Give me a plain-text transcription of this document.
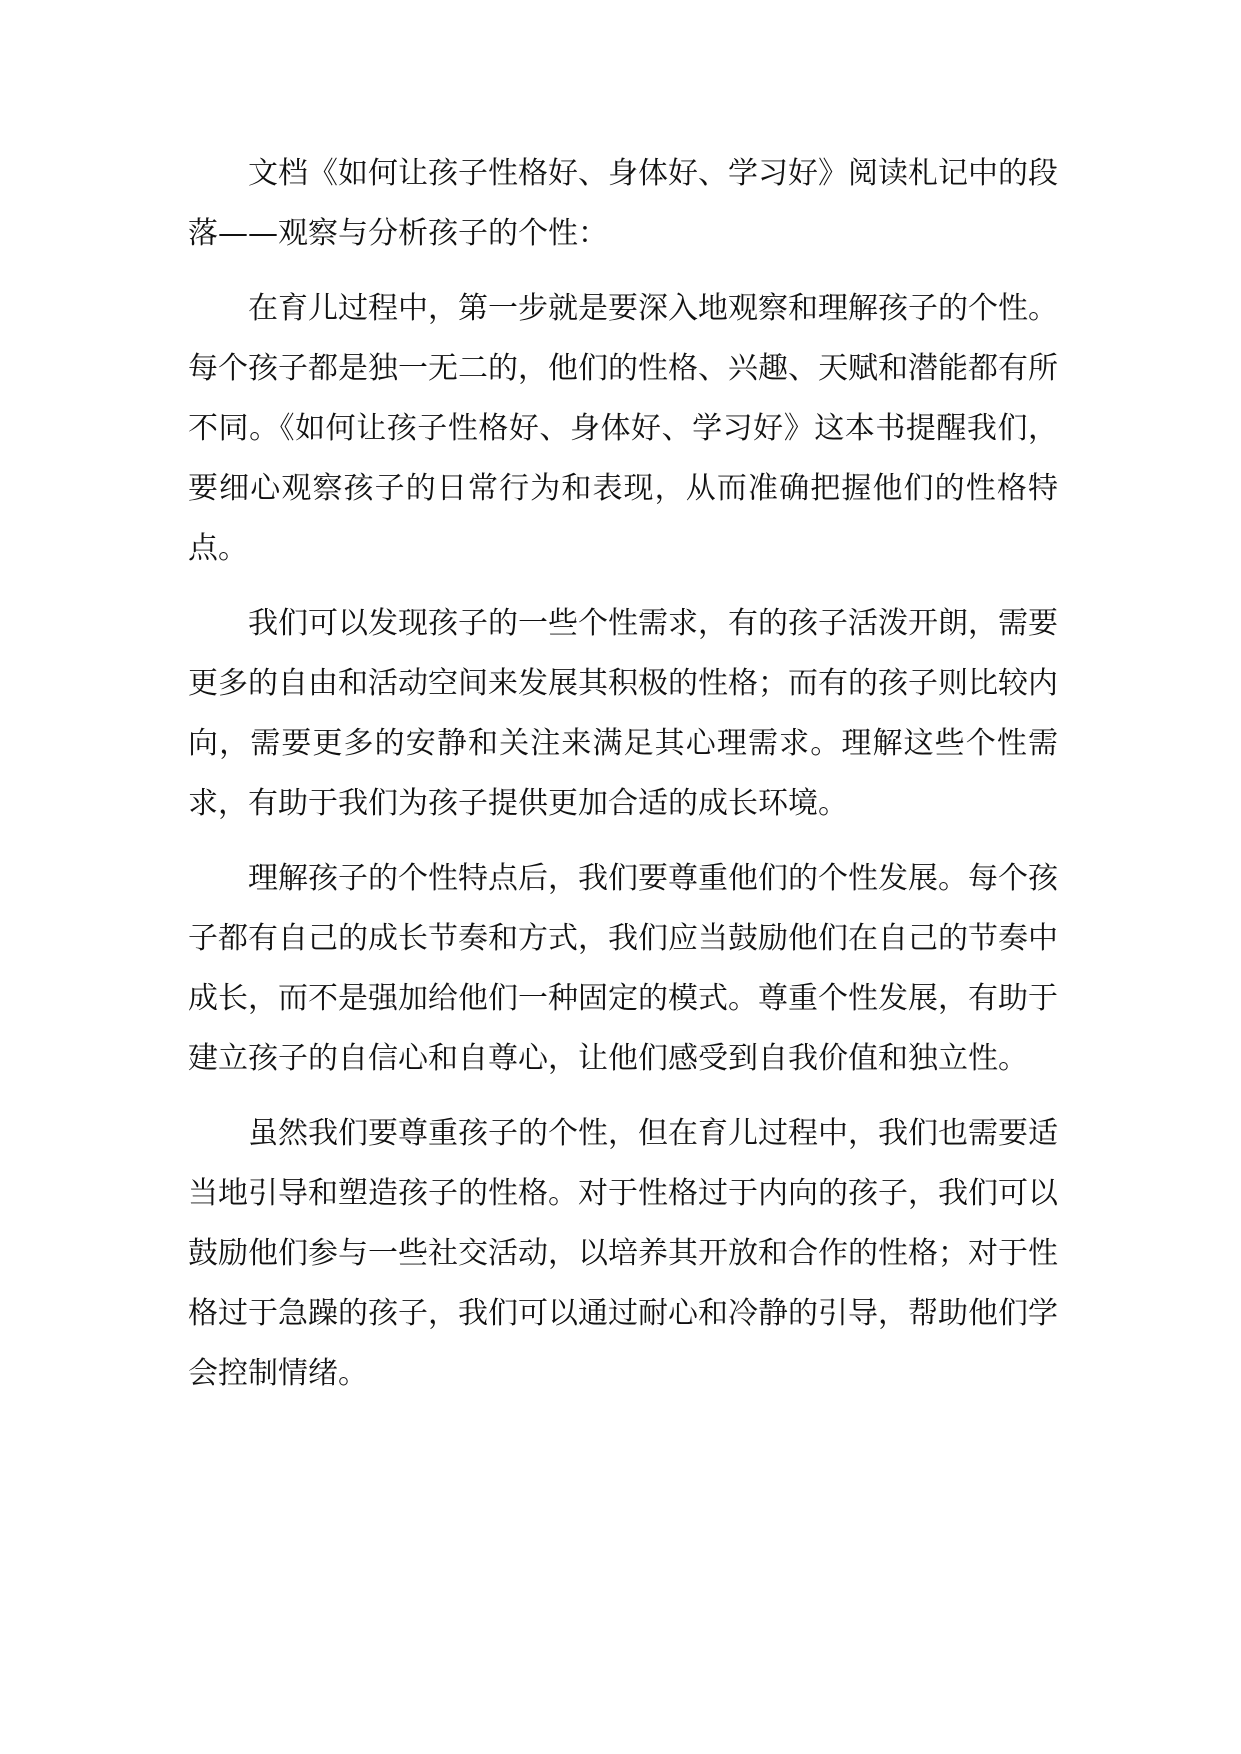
文档《如何让孩子性格好、身体好、学习好》阅读札记中的段落——观察与分析孩子的个性：

在育儿过程中，第一步就是要深入地观察和理解孩子的个性。每个孩子都是独一无二的，他们的性格、兴趣、天赋和潜能都有所不同。《如何让孩子性格好、身体好、学习好》这本书提醒我们，要细心观察孩子的日常行为和表现，从而准确把握他们的性格特点。

我们可以发现孩子的一些个性需求，有的孩子活泼开朗，需要更多的自由和活动空间来发展其积极的性格；而有的孩子则比较内向，需要更多的安静和关注来满足其心理需求。理解这些个性需求，有助于我们为孩子提供更加合适的成长环境。

理解孩子的个性特点后，我们要尊重他们的个性发展。每个孩子都有自己的成长节奏和方式，我们应当鼓励他们在自己的节奏中成长，而不是强加给他们一种固定的模式。尊重个性发展，有助于建立孩子的自信心和自尊心，让他们感受到自我价值和独立性。

虽然我们要尊重孩子的个性，但在育儿过程中，我们也需要适当地引导和塑造孩子的性格。对于性格过于内向的孩子，我们可以鼓励他们参与一些社交活动，以培养其开放和合作的性格；对于性格过于急躁的孩子，我们可以通过耐心和冷静的引导，帮助他们学会控制情绪。
